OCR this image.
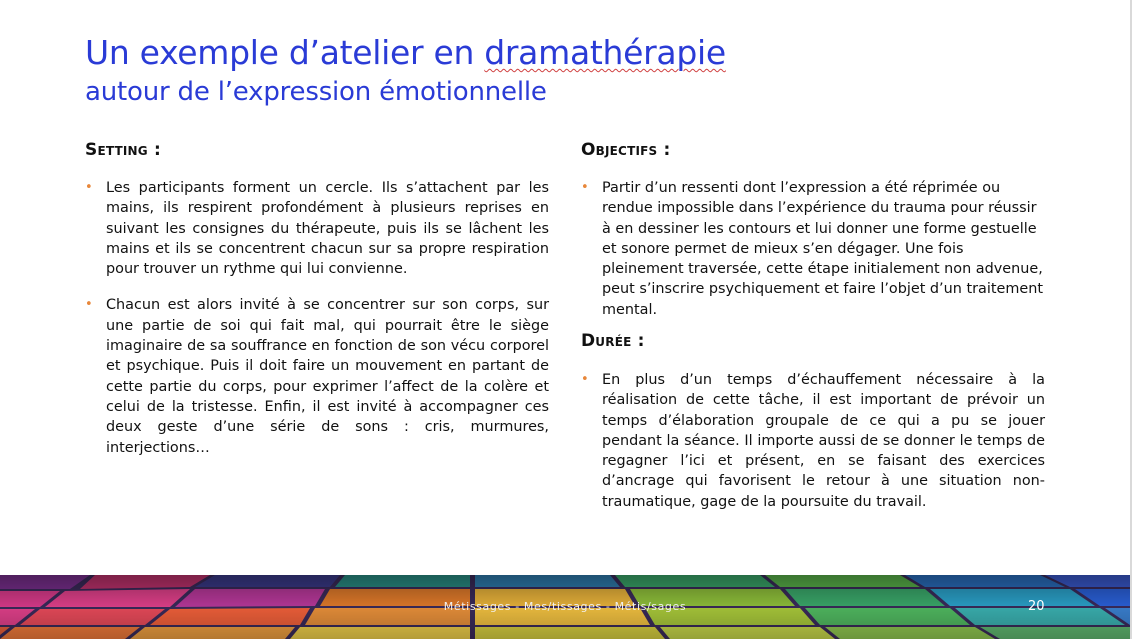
Un exemple d’atelier en dramathérapie
autour de l’expression émotionnelle
Setting :
• Les participants forment un cercle. Ils s’attachent par les mains, ils respirent profondément à plusieurs reprises en suivant les consignes du thérapeute, puis ils se lâchent les mains et ils se concentrent chacun sur sa propre respiration pour trouver un rythme qui lui convienne.
• Chacun est alors invité à se concentrer sur son corps, sur une partie de soi qui fait mal, qui pourrait être le siège imaginaire de sa souffrance en fonction de son vécu corporel et psychique. Puis il doit faire un mouvement en partant de cette partie du corps, pour exprimer l’affect de la colère et celui de la tristesse. Enfin, il est invité à accompagner ces deux geste d’une série de sons : cris, murmures, interjections…
Objectifs :
• Partir d’un ressenti dont l’expression a été réprimée ou rendue impossible dans l’expérience du trauma pour réussir à en dessiner les contours et lui donner une forme gestuelle et sonore permet de mieux s’en dégager. Une fois pleinement traversée, cette étape initialement non advenue, peut s’inscrire psychiquement et faire l’objet d’un traitement mental.
Durée :
• En plus d’un temps d’échauffement nécessaire à la réalisation de cette tâche, il est important de prévoir un temps d’élaboration groupale de ce qui a pu se jouer pendant la séance. Il importe aussi de se donner le temps de regagner l’ici et présent, en se faisant des exercices d’ancrage qui favorisent le retour à une situation non-traumatique, gage de la poursuite du travail.
Métissages - Mes/tissages - Métis/sages	20
